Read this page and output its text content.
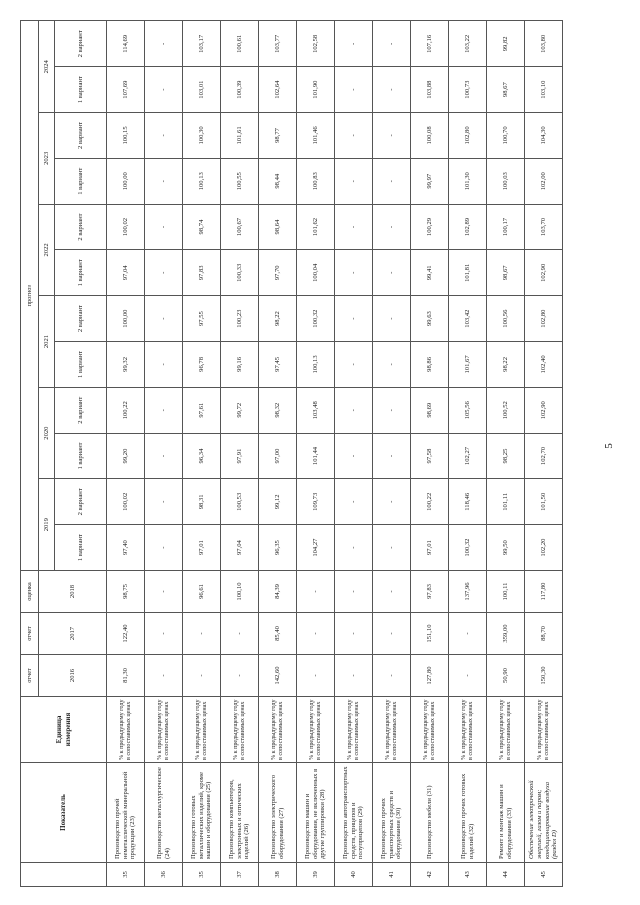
	Показатель	Единица измерения	отчет	отчет	оценка	прогноз											
			2016	2017	2018	2019		2020		2021		2022		2023		2024	
						1 вариант	2 вариант	1 вариант	2 вариант	1 вариант	2 вариант	1 вариант	2 вариант	1 вариант	2 вариант	1 вариант	2 вариант

35	Производство прочей неметаллической минеральной продукции (23)	% к предыдущему году в сопоставимых ценах	81,30	122,40	98,75	97,40	100,02	99,20	100,22	99,32	100,00	97,04	100,02	100,00	100,15	107,69	114,69
36	Производство металлургическое (24)	% к предыдущему году в сопоставимых ценах	-	-	-	-	-	-	-	-	-	-	-	-	-	-	-
35	Производство готовых металлических изделий, кроме машин и оборудования (25)	% к предыдущему году в сопоставимых ценах	-	-	96,61	97,01	98,31	96,34	97,61	96,78	97,55	97,83	98,74	100,13	100,30	103,01	103,17
37	Производство компьютеров, электронных и оптических изделий (26)	% к предыдущему году в сопоставимых ценах	-	-	100,10	97,04	100,53	97,91	99,72	99,16	100,23	100,33	100,67	100,55	101,61	100,39	100,61
38	Производство электрического оборудования (27)	% к предыдущему году в сопоставимых ценах	142,60	85,40	84,39	96,35	99,12	97,00	98,32	97,45	98,22	97,70	98,64	98,44	98,77	102,64	103,77
39	Производство машин и оборудования, не включенных в другие группировки (28)	% к предыдущему году в сопоставимых ценах	-	-	-	104,27	109,73	101,44	103,48	100,13	100,32	100,04	101,62	100,83	101,46	101,90	102,58
40	Производство автотранспортных средств, прицепов и полуприцепов (29)	% к предыдущему году в сопоставимых ценах	-	-	-	-	-	-	-	-	-	-	-	-	-	-	-
41	Производство прочих транспортных средств и оборудования (30)	% к предыдущему году в сопоставимых ценах	-	-	-	-	-	-	-	-	-	-	-	-	-	-	-
42	Производство мебели (31)	% к предыдущему году в сопоставимых ценах	127,80	151,10	97,83	97,01	100,22	97,58	98,69	98,86	99,63	99,41	100,29	99,97	100,08	103,88	107,16
43	Производство прочих готовых изделий (32)	% к предыдущему году в сопоставимых ценах	-	-	137,96	100,32	118,46	102,27	105,56	101,67	103,42	101,81	102,89	101,30	102,80	100,73	103,22
44	Ремонт и монтаж машин и оборудования (33)	% к предыдущему году в сопоставимых ценах	50,90	359,00	100,11	99,50	101,11	98,25	100,52	98,22	100,56	98,67	100,17	100,03	100,70	98,67	99,82
45	Обеспечение электрической энергией, газом и паром; кондиционирование воздуха (раздел D)	% к предыдущему году в сопоставимых ценах	150,30	88,70	117,80	102,20	101,50	102,70	102,90	102,40	102,80	102,90	103,70	102,00	104,30	103,10	103,80
5
